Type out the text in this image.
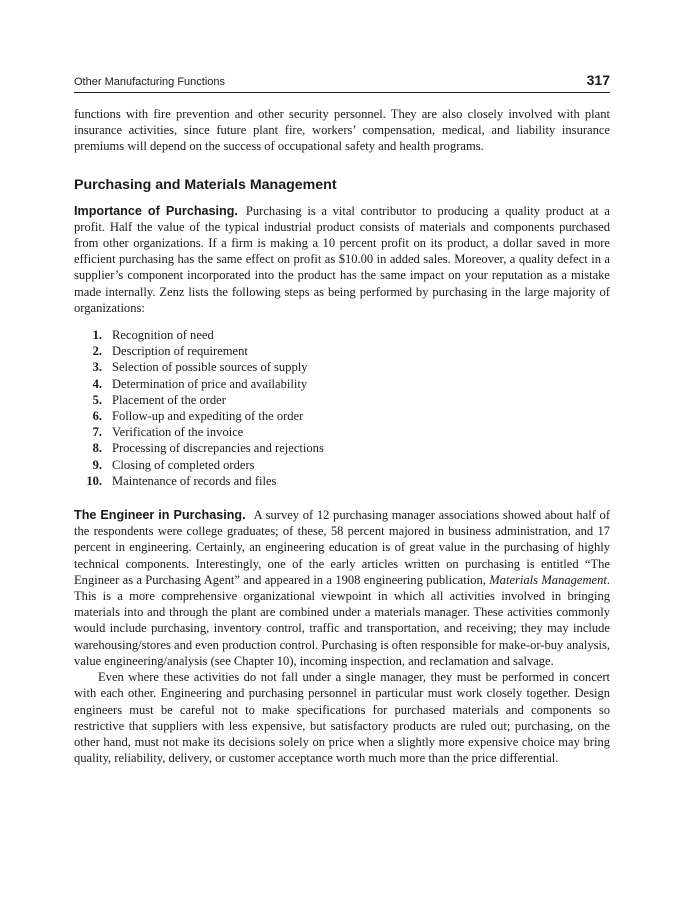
Other Manufacturing Functions	317

functions with fire prevention and other security personnel. They are also closely involved with plant insurance activities, since future plant fire, workers’ compensation, medical, and liability insurance premiums will depend on the success of occupational safety and health programs.

Purchasing and Materials Management

Importance of Purchasing. Purchasing is a vital contributor to producing a quality product at a profit. Half the value of the typical industrial product consists of materials and components purchased from other organizations. If a firm is making a 10 percent profit on its product, a dollar saved in more efficient purchasing has the same effect on profit as $10.00 in added sales. Moreover, a quality defect in a supplier’s component incorporated into the product has the same impact on your reputation as a mistake made internally. Zenz lists the following steps as being performed by purchasing in the large majority of organizations:

1. Recognition of need
2. Description of requirement
3. Selection of possible sources of supply
4. Determination of price and availability
5. Placement of the order
6. Follow-up and expediting of the order
7. Verification of the invoice
8. Processing of discrepancies and rejections
9. Closing of completed orders
10. Maintenance of records and files

The Engineer in Purchasing. A survey of 12 purchasing manager associations showed about half of the respondents were college graduates; of these, 58 percent majored in business administration, and 17 percent in engineering. Certainly, an engineering education is of great value in the purchasing of highly technical components. Interestingly, one of the early articles written on purchasing is entitled “The Engineer as a Purchasing Agent” and appeared in a 1908 engineering publication, Materials Management. This is a more comprehensive organizational viewpoint in which all activities involved in bringing materials into and through the plant are combined under a materials manager. These activities commonly would include purchasing, inventory control, traffic and transportation, and receiving; they may include warehousing/stores and even production control. Purchasing is often responsible for make-or-buy analysis, value engineering/analysis (see Chapter 10), incoming inspection, and reclamation and salvage.

Even where these activities do not fall under a single manager, they must be performed in concert with each other. Engineering and purchasing personnel in particular must work closely together. Design engineers must be careful not to make specifications for purchased materials and components so restrictive that suppliers with less expensive, but satisfactory products are ruled out; purchasing, on the other hand, must not make its decisions solely on price when a slightly more expensive choice may bring quality, reliability, delivery, or customer acceptance worth much more than the price differential.
